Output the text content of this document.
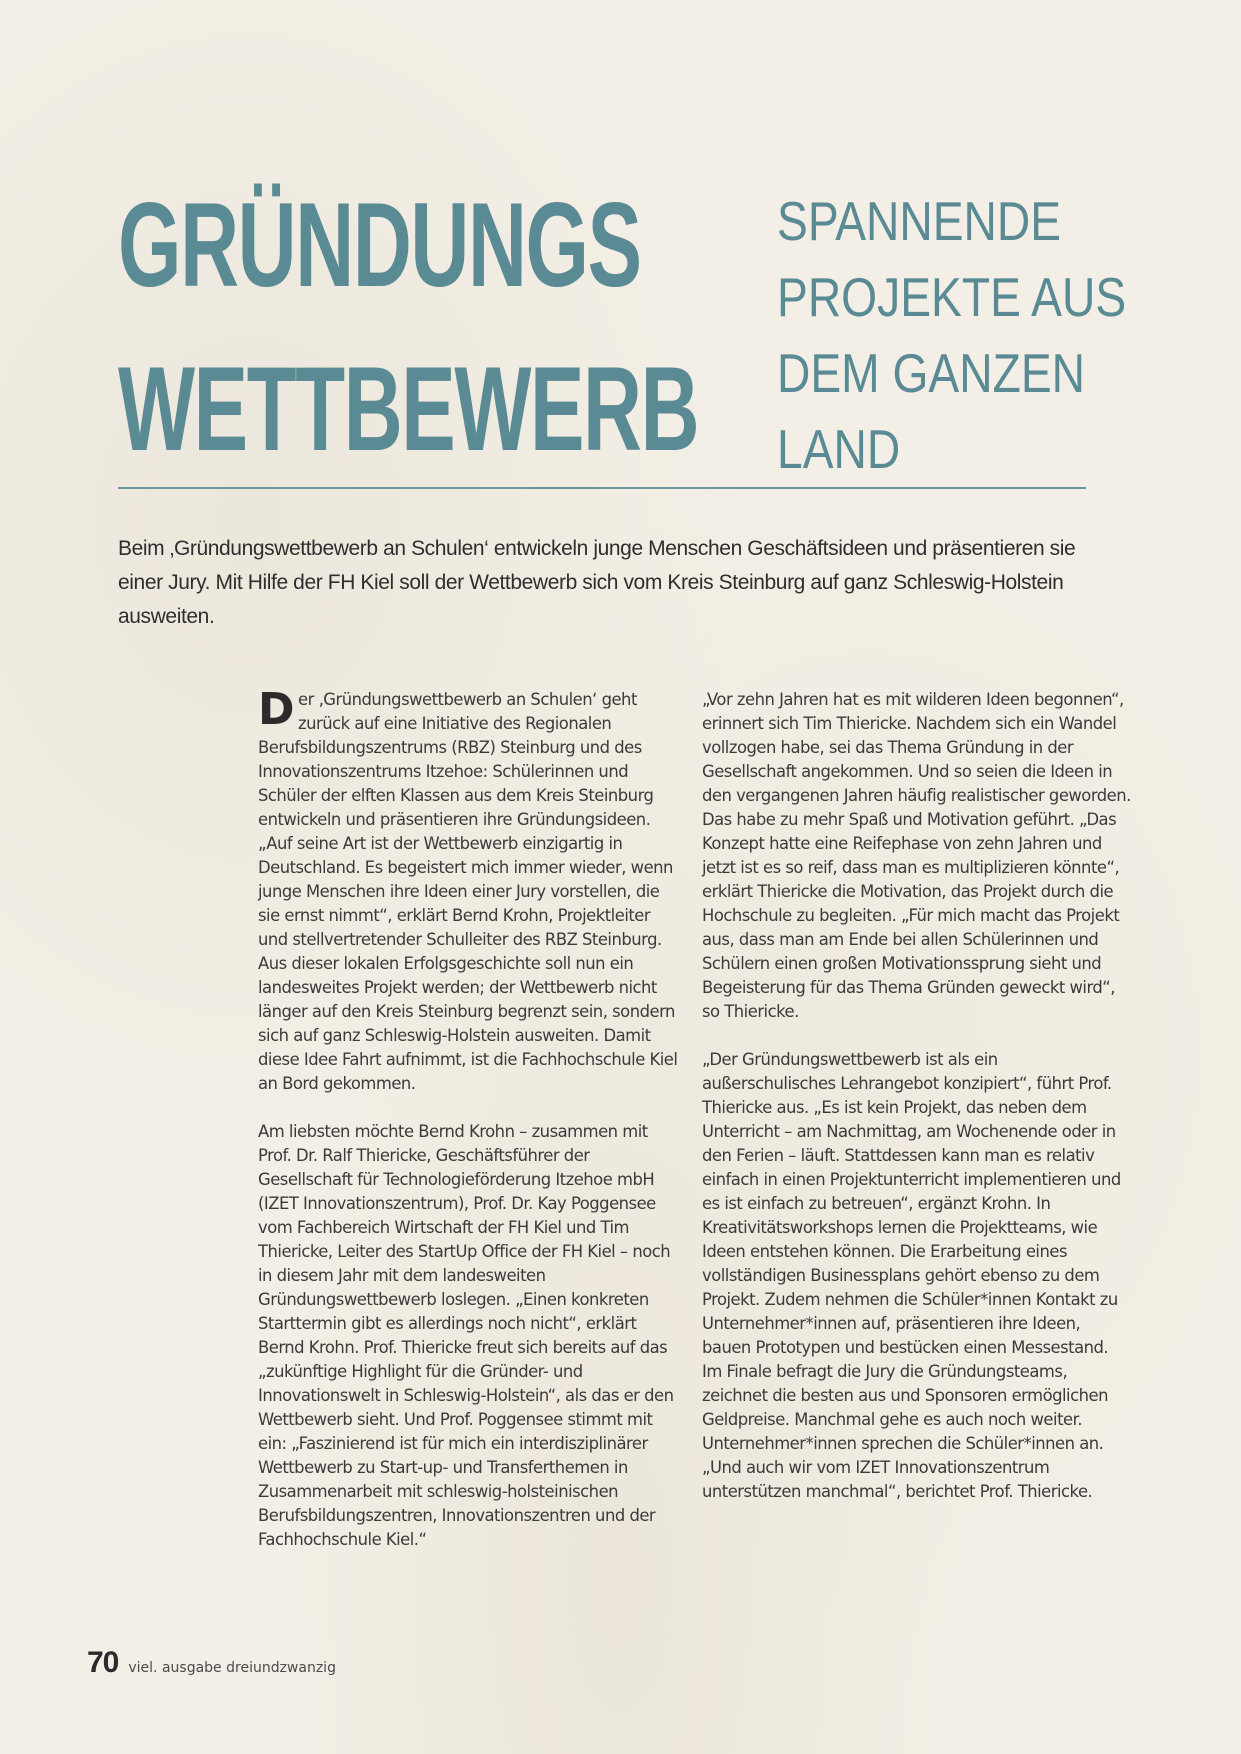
GRÜNDUNGS
WETTBEWERB
SPANNENDE
PROJEKTE AUS
DEM GANZEN
LAND
Beim ‚Gründungswettbewerb an Schulen‘ entwickeln junge Menschen Geschäftsideen und präsentieren sie einer Jury. Mit Hilfe der FH Kiel soll der Wettbewerb sich vom Kreis Steinburg auf ganz Schleswig-Holstein ausweiten.

Der ‚Gründungswettbewerb an Schulen‘ geht zurück auf eine Initiative des Regionalen Berufsbildungszentrums (RBZ) Steinburg und des Innovationszentrums Itzehoe: Schülerinnen und Schüler der elften Klassen aus dem Kreis Steinburg entwickeln und präsentieren ihre Gründungsideen. „Auf seine Art ist der Wettbewerb einzigartig in Deutschland. Es begeistert mich immer wieder, wenn junge Menschen ihre Ideen einer Jury vorstellen, die sie ernst nimmt“, erklärt Bernd Krohn, Projektleiter und stellvertretender Schulleiter des RBZ Steinburg. Aus dieser lokalen Erfolgsgeschichte soll nun ein landesweites Projekt werden; der Wettbewerb nicht länger auf den Kreis Steinburg begrenzt sein, sondern sich auf ganz Schleswig-Holstein ausweiten. Damit diese Idee Fahrt aufnimmt, ist die Fachhochschule Kiel an Bord gekommen.

Am liebsten möchte Bernd Krohn – zusammen mit Prof. Dr. Ralf Thiericke, Geschäftsführer der Gesellschaft für Technologieförderung Itzehoe mbH (IZET Innovationszentrum), Prof. Dr. Kay Poggensee vom Fachbereich Wirtschaft der FH Kiel und Tim Thiericke, Leiter des StartUp Office der FH Kiel – noch in diesem Jahr mit dem landesweiten Gründungswettbewerb loslegen. „Einen konkreten Starttermin gibt es allerdings noch nicht“, erklärt Bernd Krohn. Prof. Thiericke freut sich bereits auf das „zukünftige Highlight für die Gründer- und Innovationswelt in Schleswig-Holstein“, als das er den Wettbewerb sieht. Und Prof. Poggensee stimmt mit ein: „Faszinierend ist für mich ein interdisziplinärer Wettbewerb zu Start-up- und Transferthemen in Zusammenarbeit mit schleswig-holsteinischen Berufsbildungszentren, Innovationszentren und der Fachhochschule Kiel.“

„Vor zehn Jahren hat es mit wilderen Ideen begonnen“, erinnert sich Tim Thiericke. Nachdem sich ein Wandel vollzogen habe, sei das Thema Gründung in der Gesellschaft angekommen. Und so seien die Ideen in den vergangenen Jahren häufig realistischer geworden. Das habe zu mehr Spaß und Motivation geführt. „Das Konzept hatte eine Reifephase von zehn Jahren und jetzt ist es so reif, dass man es multiplizieren könnte“, erklärt Thiericke die Motivation, das Projekt durch die Hochschule zu begleiten. „Für mich macht das Projekt aus, dass man am Ende bei allen Schülerinnen und Schülern einen großen Motivationssprung sieht und Begeisterung für das Thema Gründen geweckt wird“, so Thiericke.

„Der Gründungswettbewerb ist als ein außerschulisches Lehrangebot konzipiert“, führt Prof. Thiericke aus. „Es ist kein Projekt, das neben dem Unterricht – am Nachmittag, am Wochenende oder in den Ferien – läuft. Stattdessen kann man es relativ einfach in einen Projektunterricht implementieren und es ist einfach zu betreuen“, ergänzt Krohn. In Kreativitätsworkshops lernen die Projektteams, wie Ideen entstehen können. Die Erarbeitung eines vollständigen Businessplans gehört ebenso zu dem Projekt. Zudem nehmen die Schüler*innen Kontakt zu Unternehmer*innen auf, präsentieren ihre Ideen, bauen Prototypen und bestücken einen Messestand. Im Finale befragt die Jury die Gründungsteams, zeichnet die besten aus und Sponsoren ermöglichen Geldpreise. Manchmal gehe es auch noch weiter. Unternehmer*innen sprechen die Schüler*innen an. „Und auch wir vom IZET Innovationszentrum unterstützen manchmal“, berichtet Prof. Thiericke.

70 viel. ausgabe dreiundzwanzig
